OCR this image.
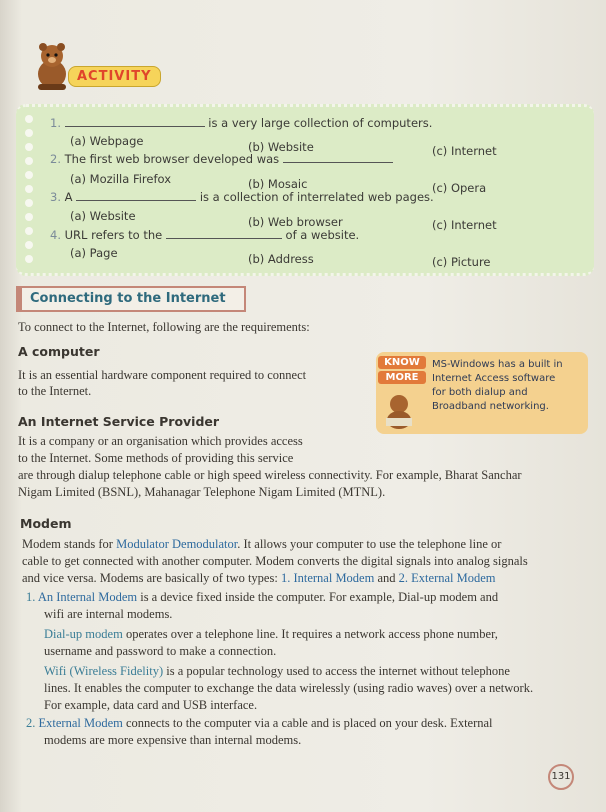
ACTIVITY
1.	is a very large collection of computers.
(a) Webpage	(b) Website	(c) Internet
2. The first web browser developed was
(a) Mozilla Firefox	(b) Mosaic	(c) Opera
3. A	is a collection of interrelated web pages.
(a) Website	(b) Web browser	(c) Internet
4. URL refers to the	of a website.
(a) Page	(b) Address	(c) Picture
Connecting to the Internet
To connect to the Internet, following are the requirements:
A computer
It is an essential hardware component required to connect
to the Internet.
KNOW
MORE
MS-Windows has a built in
Internet Access software
for both dialup and
Broadband networking.
An Internet Service Provider
It is a company or an organisation which provides access
to the Internet. Some methods of providing this service
are through dialup telephone cable or high speed wireless connectivity. For example, Bharat Sanchar
Nigam Limited (BSNL), Mahanagar Telephone Nigam Limited (MTNL).
Modem
Modem stands for Modulator Demodulator. It allows your computer to use the telephone line or
cable to get connected with another computer. Modem converts the digital signals into analog signals
and vice versa. Modems are basically of two types: 1. Internal Modem and 2. External Modem
1. An Internal Modem is a device fixed inside the computer. For example, Dial-up modem and
wifi are internal modems.
Dial-up modem operates over a telephone line. It requires a network access phone number,
username and password to make a connection.
Wifi (Wireless Fidelity) is a popular technology used to access the internet without telephone
lines. It enables the computer to exchange the data wirelessly (using radio waves) over a network.
For example, data card and USB interface.
2. External Modem connects to the computer via a cable and is placed on your desk. External
modems are more expensive than internal modems.
131
